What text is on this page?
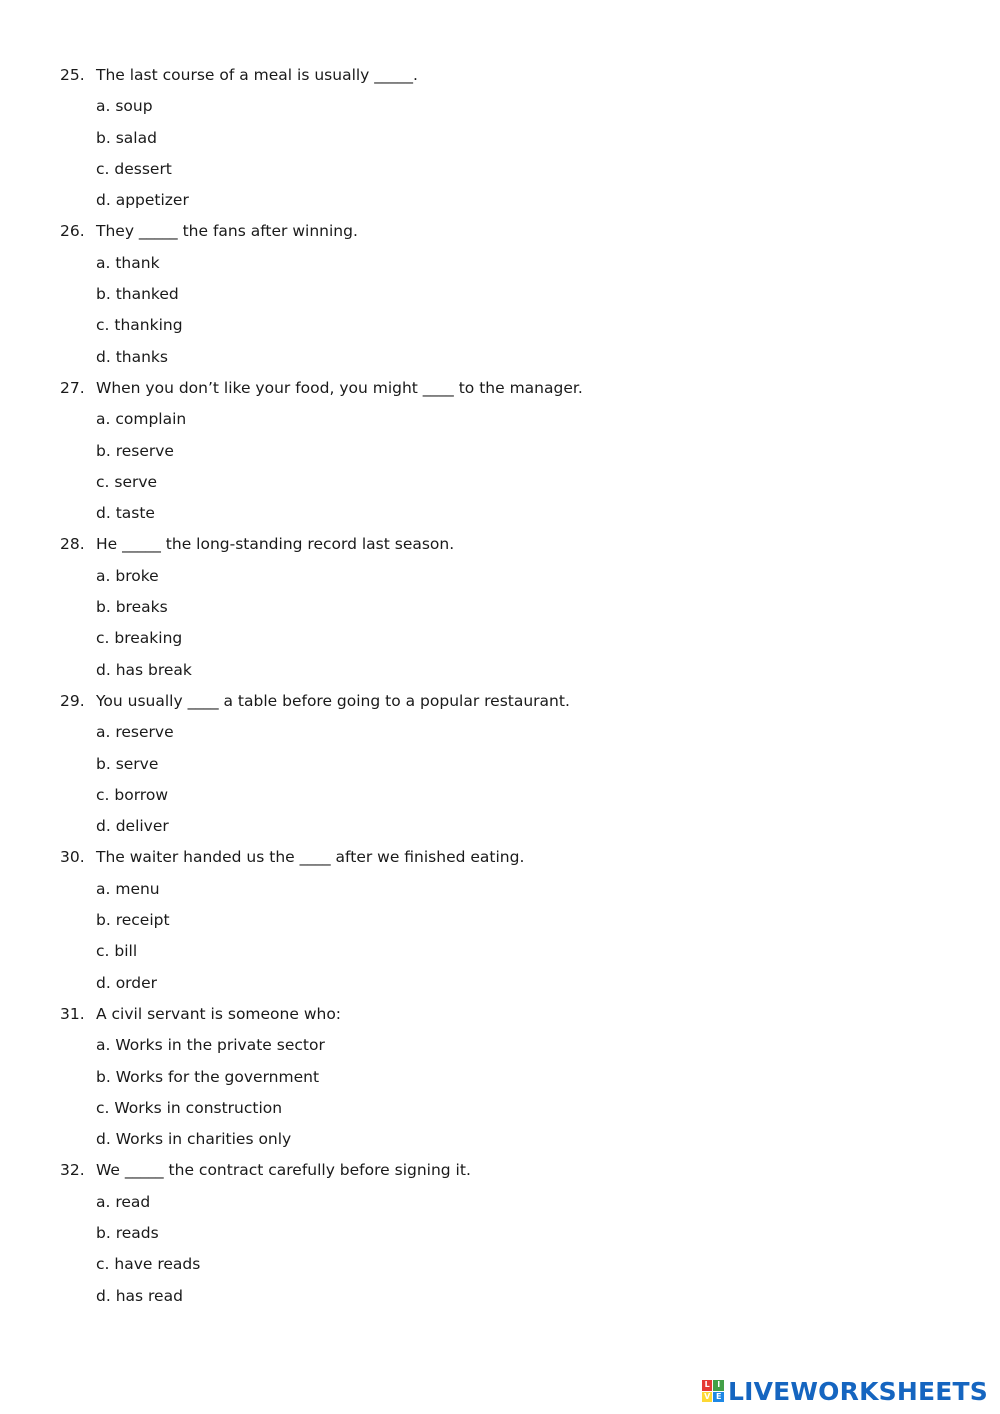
25. The last course of a meal is usually _____.
a. soup
b. salad
c. dessert
d. appetizer
26. They _____ the fans after winning.
a. thank
b. thanked
c. thanking
d. thanks
27. When you don’t like your food, you might ____ to the manager.
a. complain
b. reserve
c. serve
d. taste
28. He _____ the long-standing record last season.
a. broke
b. breaks
c. breaking
d. has break
29. You usually ____ a table before going to a popular restaurant.
a. reserve
b. serve
c. borrow
d. deliver
30. The waiter handed us the ____ after we finished eating.
a. menu
b. receipt
c. bill
d. order
31. A civil servant is someone who:
a. Works in the private sector
b. Works for the government
c. Works in construction
d. Works in charities only
32. We _____ the contract carefully before signing it.
a. read
b. reads
c. have reads
d. has read
L I
V E LIVEWORKSHEETS
